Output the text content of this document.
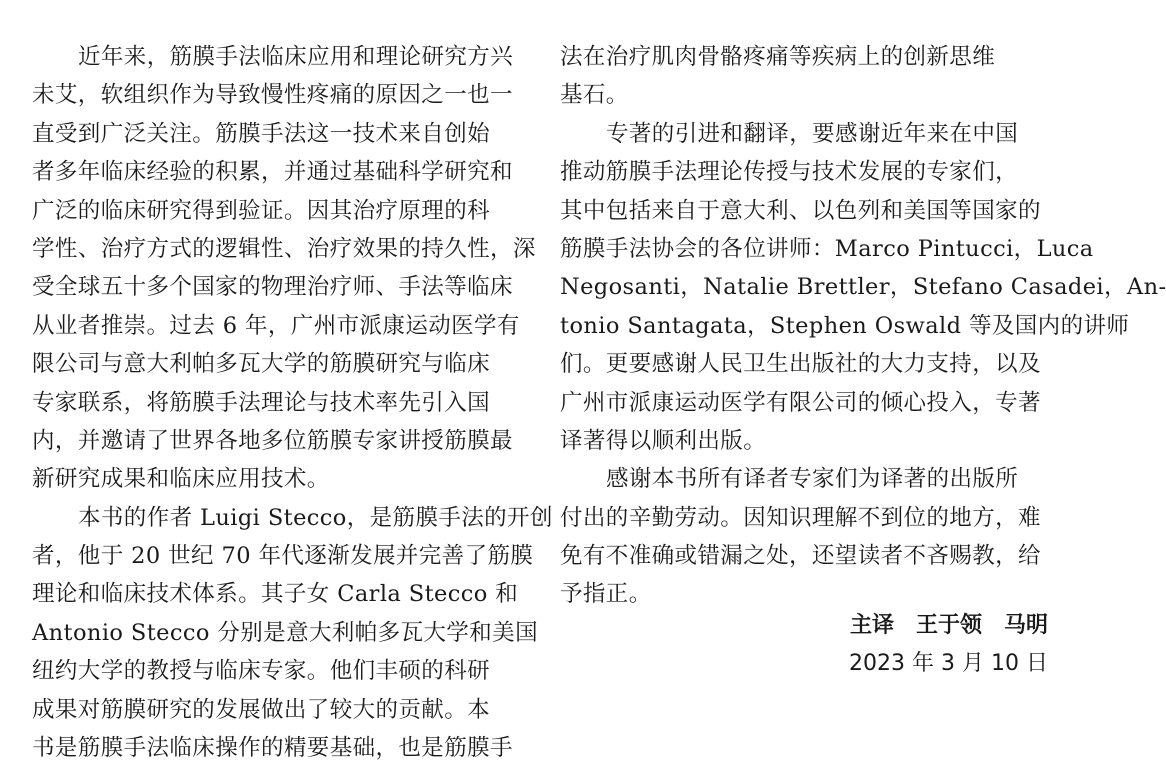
近年来，筋膜手法临床应用和理论研究方兴
未艾，软组织作为导致慢性疼痛的原因之一也一
直受到广泛关注。筋膜手法这一技术来自创始
者多年临床经验的积累，并通过基础科学研究和
广泛的临床研究得到验证。因其治疗原理的科
学性、治疗方式的逻辑性、治疗效果的持久性，深
受全球五十多个国家的物理治疗师、手法等临床
从业者推崇。过去 6 年，广州市派康运动医学有
限公司与意大利帕多瓦大学的筋膜研究与临床
专家联系，将筋膜手法理论与技术率先引入国
内，并邀请了世界各地多位筋膜专家讲授筋膜最
新研究成果和临床应用技术。
本书的作者 Luigi Stecco，是筋膜手法的开创
者，他于 20 世纪 70 年代逐渐发展并完善了筋膜
理论和临床技术体系。其子女 Carla Stecco 和
Antonio Stecco 分别是意大利帕多瓦大学和美国
纽约大学的教授与临床专家。他们丰硕的科研
成果对筋膜研究的发展做出了较大的贡献。本
书是筋膜手法临床操作的精要基础，也是筋膜手
法在治疗肌肉骨骼疼痛等疾病上的创新思维
基石。
专著的引进和翻译，要感谢近年来在中国
推动筋膜手法理论传授与技术发展的专家们，
其中包括来自于意大利、以色列和美国等国家的
筋膜手法协会的各位讲师：Marco Pintucci，Luca
Negosanti，Natalie Brettler，Stefano Casadei，An-
tonio Santagata，Stephen Oswald 等及国内的讲师
们。更要感谢人民卫生出版社的大力支持，以及
广州市派康运动医学有限公司的倾心投入，专著
译著得以顺利出版。
感谢本书所有译者专家们为译著的出版所
付出的辛勤劳动。因知识理解不到位的地方，难
免有不准确或错漏之处，还望读者不吝赐教，给
予指正。
主译　王于领　马明
2023 年 3 月 10 日
